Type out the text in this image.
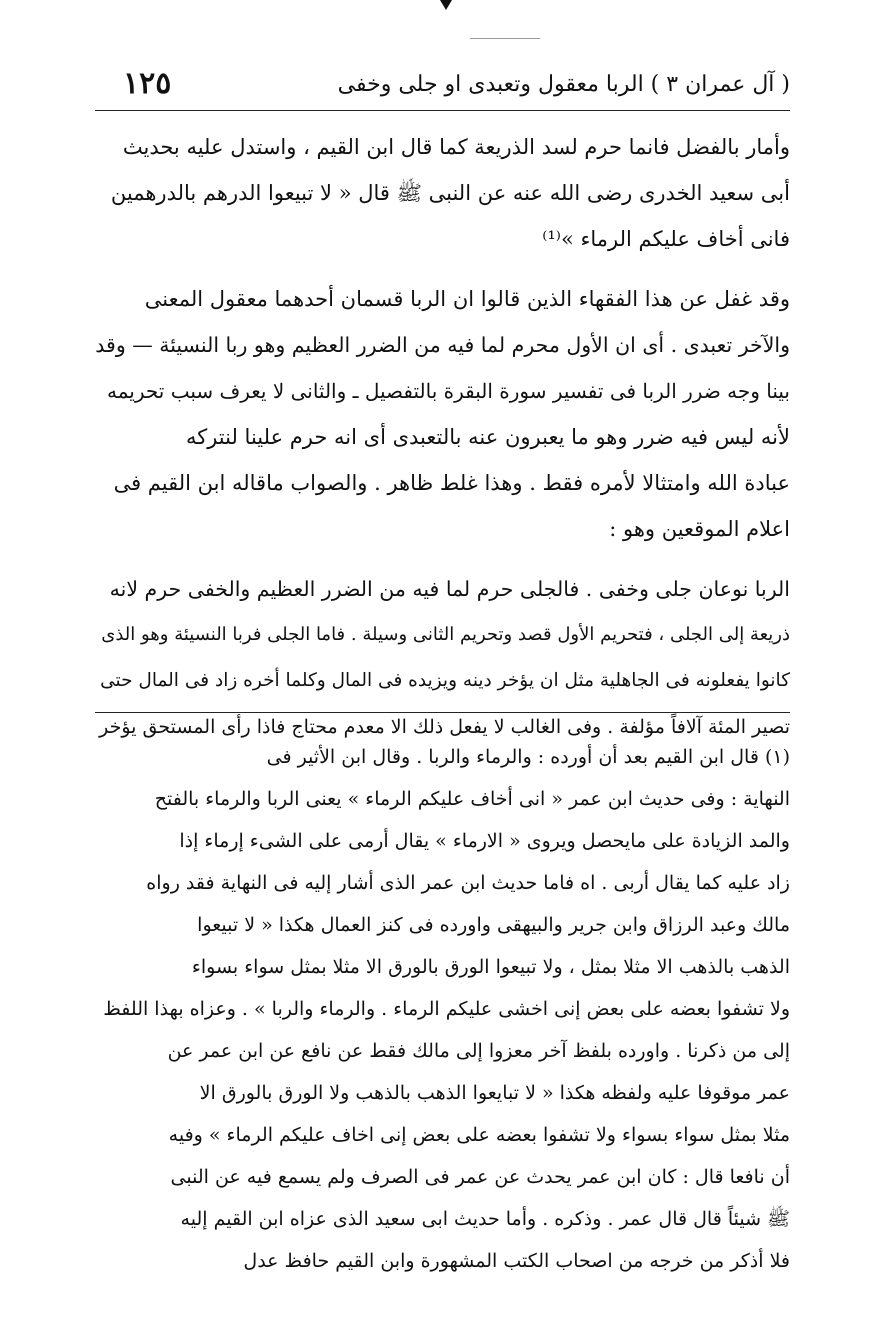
( آل عمران ٣ ) الربا معقول وتعبدى او جلى وخفى
١٢٥

وأمار بالفضل فانما حرم لسد الذريعة كما قال ابن القيم ، واستدل عليه بحديث
أبى سعيد الخدرى رضى الله عنه عن النبى ﷺ قال « لا تبيعوا الدرهم بالدرهمين
فانى أخاف عليكم الرماء »⁽¹⁾

وقد غفل عن هذا الفقهاء الذين قالوا ان الربا قسمان أحدهما معقول المعنى
والآخر تعبدى . أى ان الأول محرم لما فيه من الضرر العظيم وهو ربا النسيئة — وقد
بينا وجه ضرر الربا فى تفسير سورة البقرة بالتفصيل ـ والثانى لا يعرف سبب تحريمه
لأنه ليس فيه ضرر وهو ما يعبرون عنه بالتعبدى أى انه حرم علينا لنتركه
عبادة الله وامتثالا لأمره فقط . وهذا غلط ظاهر . والصواب ماقاله ابن القيم فى
اعلام الموقعين وهو :

الربا نوعان جلى وخفى . فالجلى حرم لما فيه من الضرر العظيم والخفى حرم لانه
ذريعة إلى الجلى ، فتحريم الأول قصد وتحريم الثانى وسيلة . فاما الجلى فربا النسيئة وهو الذى
كانوا يفعلونه فى الجاهلية مثل ان يؤخر دينه ويزيده فى المال وكلما أخره زاد فى المال حتى
تصير المئة آلافاً مؤلفة . وفى الغالب لا يفعل ذلك الا معدم محتاج فاذا رأى المستحق يؤخر

(١) قال ابن القيم بعد أن أورده : والرماء والربا . وقال ابن الأثير فى
النهاية : وفى حديث ابن عمر « انى أخاف عليكم الرماء » يعنى الربا والرماء بالفتح
والمد الزيادة على مايحصل ويروى « الارماء » يقال أرمى على الشىء إرماء إذا
زاد عليه كما يقال أربى . اه فاما حديث ابن عمر الذى أشار إليه فى النهاية فقد رواه
مالك وعبد الرزاق وابن جرير والبيهقى واورده فى كنز العمال هكذا « لا تبيعوا
الذهب بالذهب الا مثلا بمثل ، ولا تبيعوا الورق بالورق الا مثلا بمثل سواء بسواء
ولا تشفوا بعضه على بعض إنى اخشى عليكم الرماء . والرماء والربا » . وعزاه بهذا اللفظ
إلى من ذكرنا . واورده بلفظ آخر معزوا إلى مالك فقط عن نافع عن ابن عمر عن
عمر موقوفا عليه ولفظه هكذا « لا تبايعوا الذهب بالذهب ولا الورق بالورق الا
مثلا بمثل سواء بسواء ولا تشفوا بعضه على بعض إنى اخاف عليكم الرماء » وفيه
أن نافعا قال : كان ابن عمر يحدث عن عمر فى الصرف ولم يسمع فيه عن النبى
ﷺ شيئاً قال قال عمر . وذكره . وأما حديث ابى سعيد الذى عزاه ابن القيم إليه
فلا أذكر من خرجه من اصحاب الكتب المشهورة وابن القيم حافظ عدل
